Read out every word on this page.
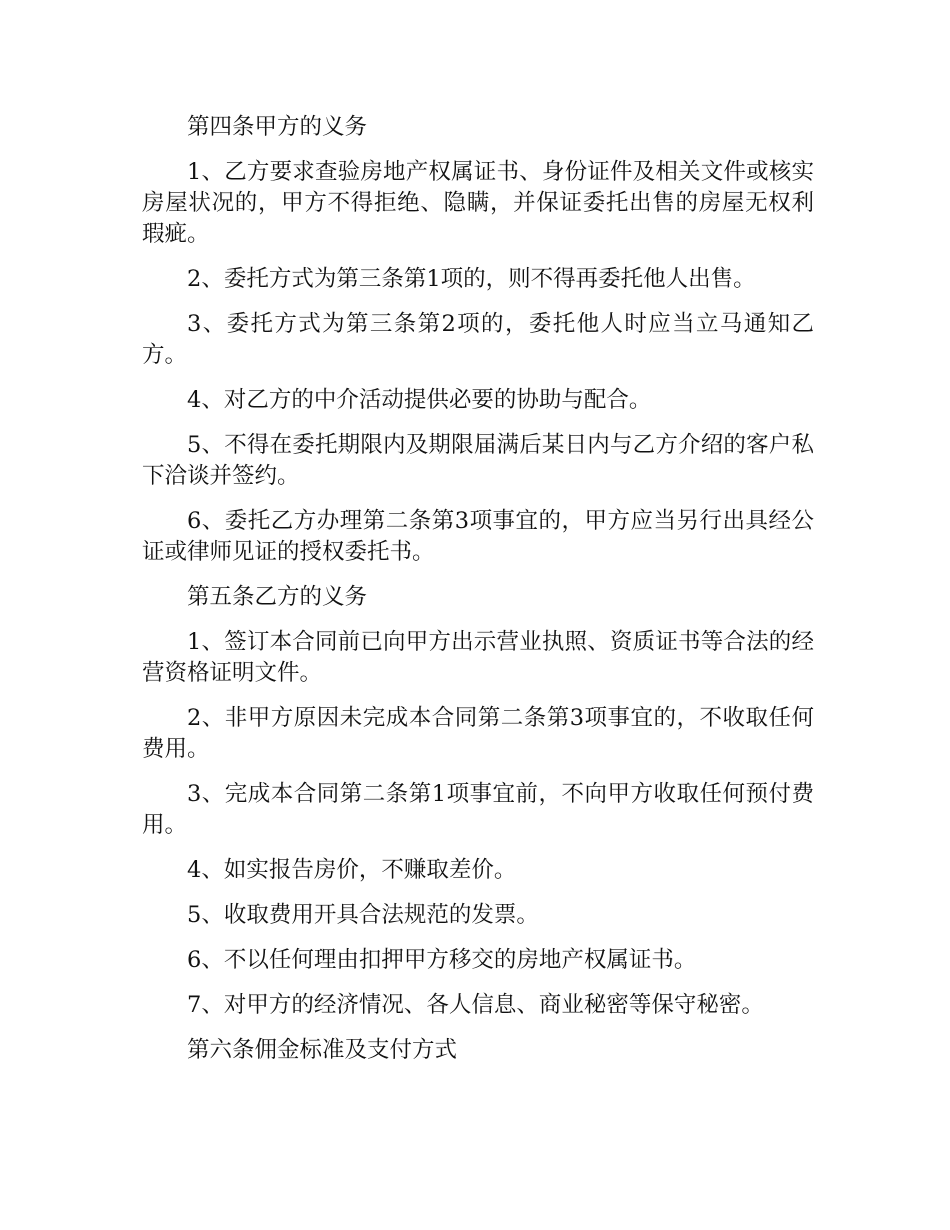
第四条甲方的义务

1、乙方要求查验房地产权属证书、身份证件及相关文件或核实房屋状况的，甲方不得拒绝、隐瞒，并保证委托出售的房屋无权利瑕疵。

2、委托方式为第三条第1项的，则不得再委托他人出售。

3、委托方式为第三条第2项的，委托他人时应当立马通知乙方。

4、对乙方的中介活动提供必要的协助与配合。

5、不得在委托期限内及期限届满后某日内与乙方介绍的客户私下洽谈并签约。

6、委托乙方办理第二条第3项事宜的，甲方应当另行出具经公证或律师见证的授权委托书。

第五条乙方的义务

1、签订本合同前已向甲方出示营业执照、资质证书等合法的经营资格证明文件。

2、非甲方原因未完成本合同第二条第3项事宜的，不收取任何费用。

3、完成本合同第二条第1项事宜前，不向甲方收取任何预付费用。

4、如实报告房价，不赚取差价。

5、收取费用开具合法规范的发票。

6、不以任何理由扣押甲方移交的房地产权属证书。

7、对甲方的经济情况、各人信息、商业秘密等保守秘密。

第六条佣金标准及支付方式
